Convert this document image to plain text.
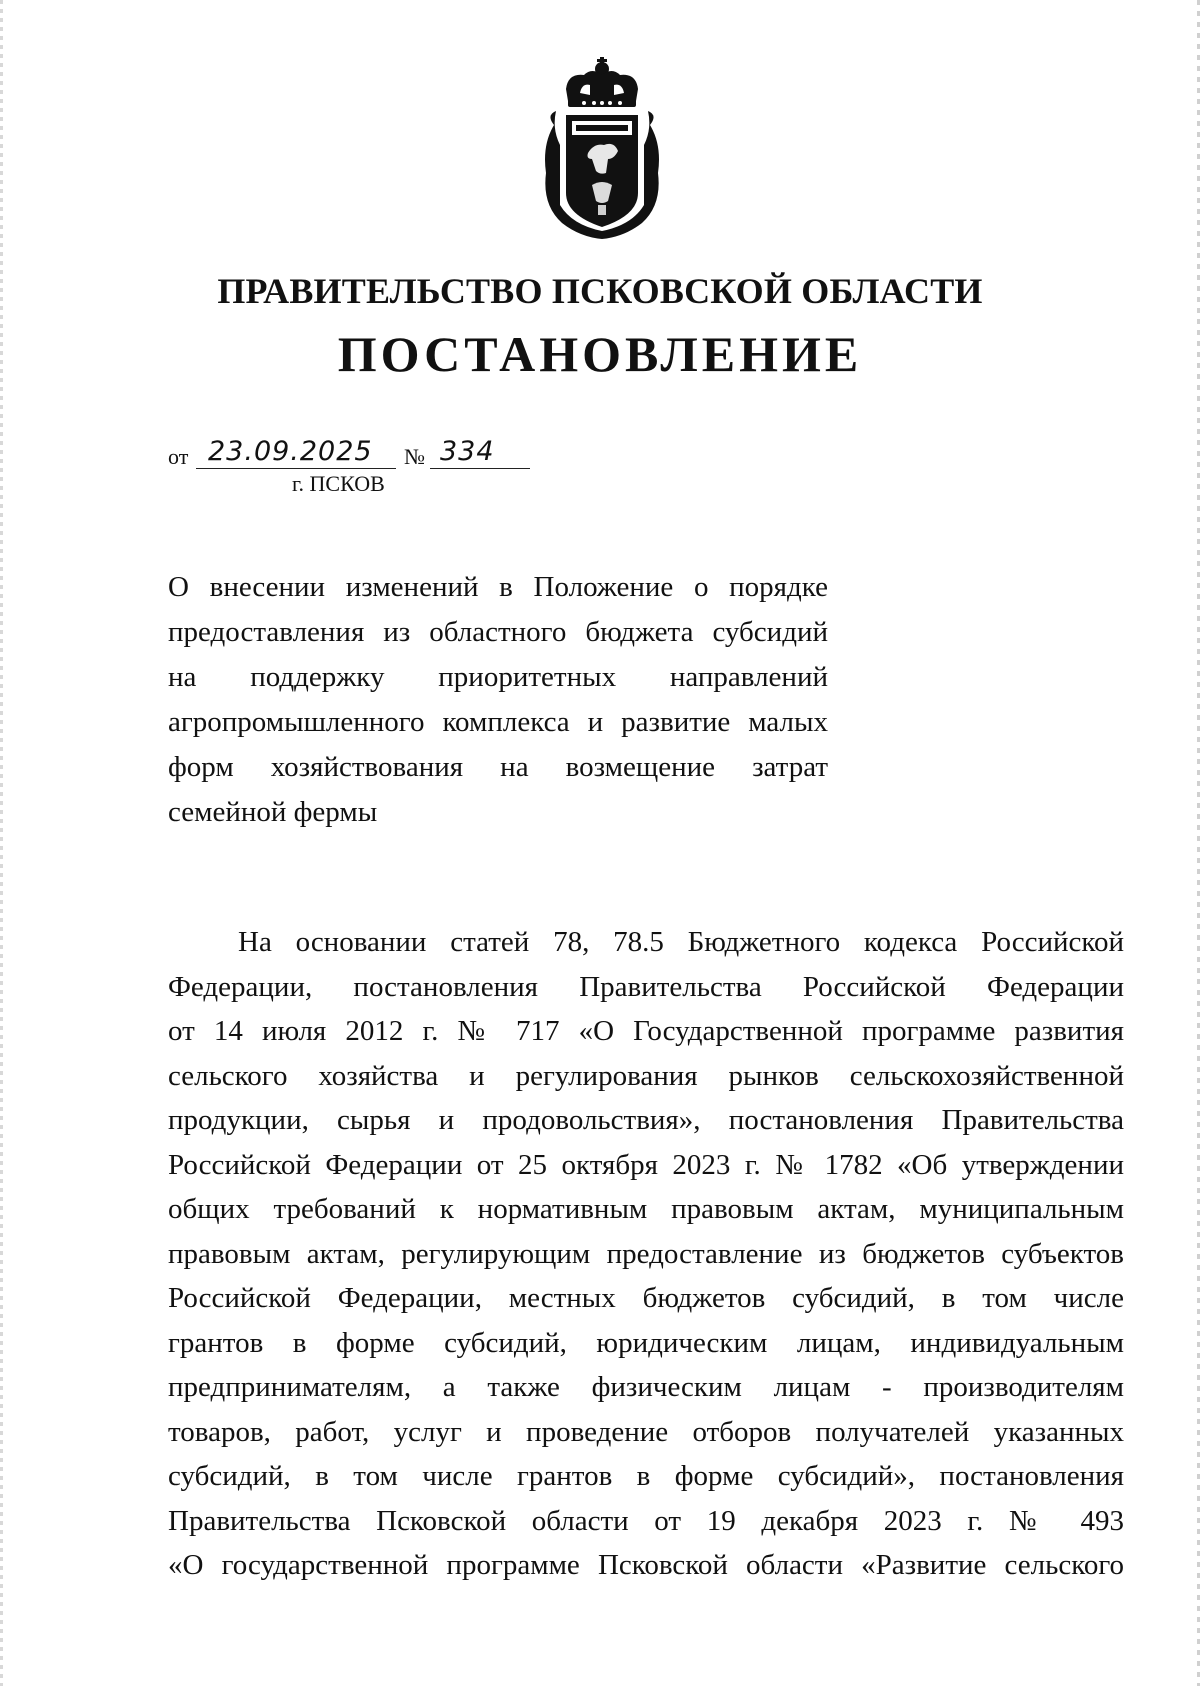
ПРАВИТЕЛЬСТВО ПСКОВСКОЙ ОБЛАСТИ
ПОСТАНОВЛЕНИЕ
от 23.09.2025 № 334
г. ПСКОВ
О внесении изменений в Положение о порядке
предоставления из областного бюджета субсидий
на поддержку приоритетных направлений
агропромышленного комплекса и развитие малых
форм хозяйствования на возмещение затрат
семейной фермы
На основании статей 78, 78.5 Бюджетного кодекса Российской
Федерации, постановления Правительства Российской Федерации
от 14 июля 2012 г. № 717 «О Государственной программе развития
сельского хозяйства и регулирования рынков сельскохозяйственной
продукции, сырья и продовольствия», постановления Правительства
Российской Федерации от 25 октября 2023 г. № 1782 «Об утверждении
общих требований к нормативным правовым актам, муниципальным
правовым актам, регулирующим предоставление из бюджетов субъектов
Российской Федерации, местных бюджетов субсидий, в том числе
грантов в форме субсидий, юридическим лицам, индивидуальным
предпринимателям, а также физическим лицам - производителям
товаров, работ, услуг и проведение отборов получателей указанных
субсидий, в том числе грантов в форме субсидий», постановления
Правительства Псковской области от 19 декабря 2023 г. № 493
«О государственной программе Псковской области «Развитие сельского
